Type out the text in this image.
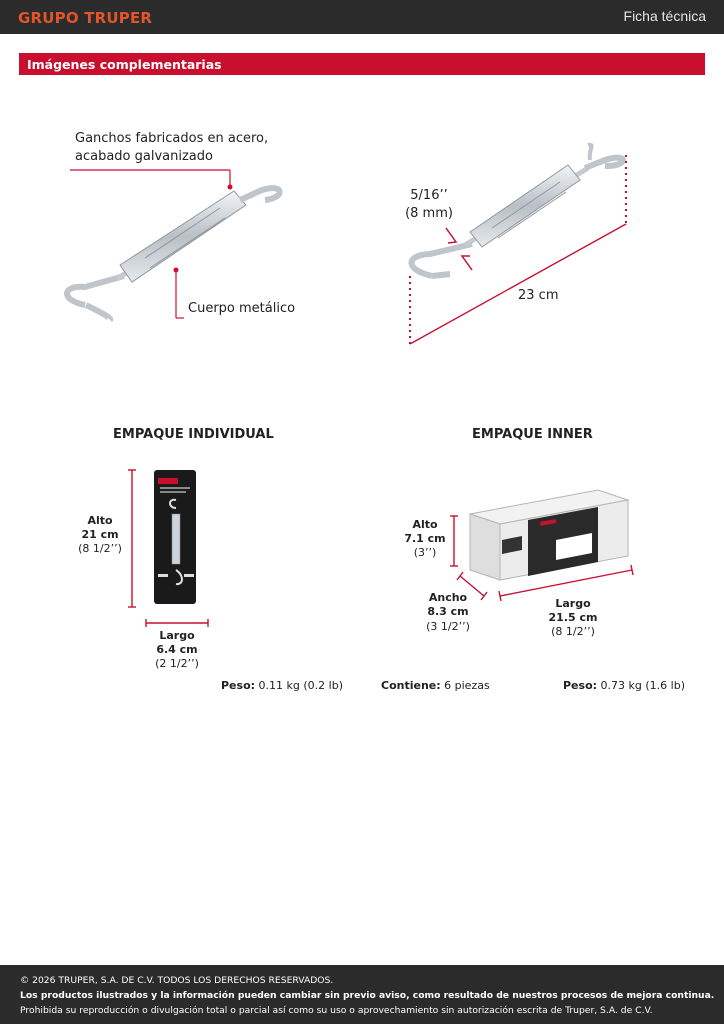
GRUPO TRUPER	Ficha técnica
Imágenes complementarias
Ganchos fabricados en acero,
acabado galvanizado
Cuerpo metálico
5/16’’
(8 mm)
23 cm
EMPAQUE INDIVIDUAL
Alto
21 cm
(8 1/2’’)
Largo
6.4 cm
(2 1/2’’)
Peso: 0.11 kg (0.2 lb)
EMPAQUE INNER
Alto
7.1 cm
(3’’)
Ancho
8.3 cm
(3 1/2’’)
Largo
21.5 cm
(8 1/2’’)
Contiene: 6 piezas	Peso: 0.73 kg (1.6 lb)
© 2026 TRUPER, S.A. DE C.V. TODOS LOS DERECHOS RESERVADOS.
Los productos ilustrados y la información pueden cambiar sin previo aviso, como resultado de nuestros procesos de mejora continua.
Prohibida su reproducción o divulgación total o parcial así como su uso o aprovechamiento sin autorización escrita de Truper, S.A. de C.V.
